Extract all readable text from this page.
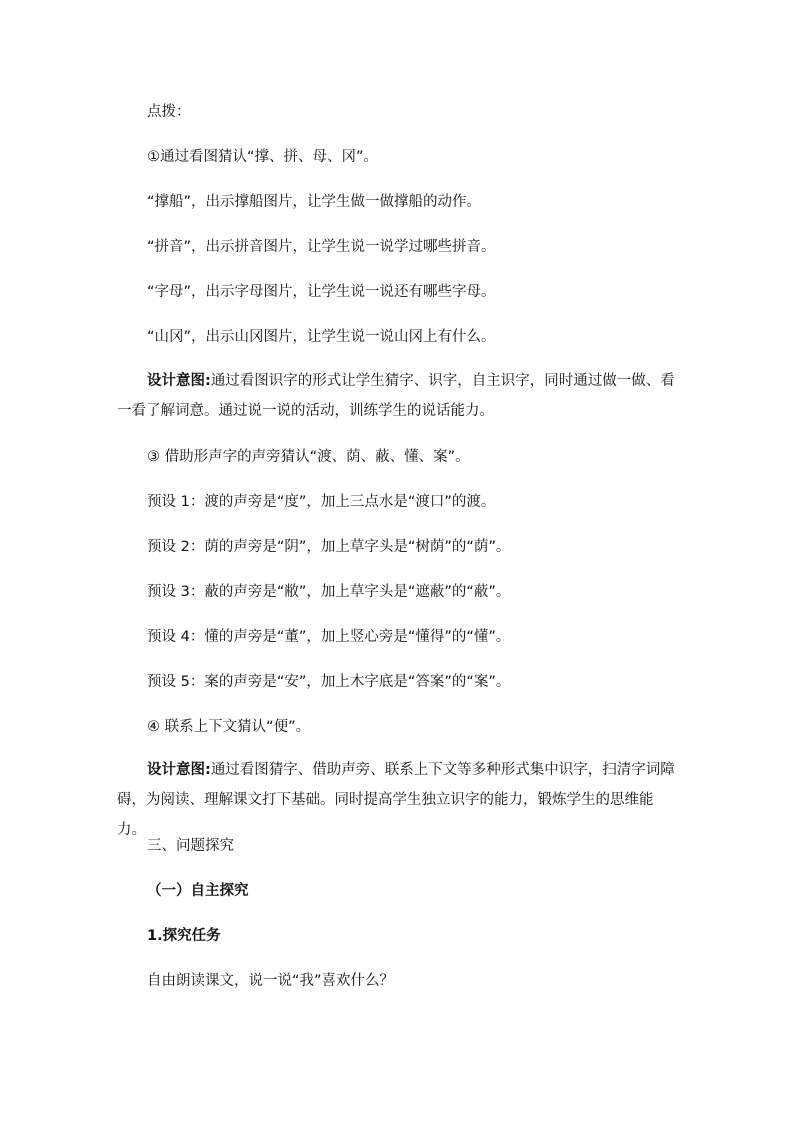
点拨：
①通过看图猜认“撑、拼、母、冈”。
“撑船”，出示撑船图片，让学生做一做撑船的动作。
“拼音”，出示拼音图片，让学生说一说学过哪些拼音。
“字母”，出示字母图片，让学生说一说还有哪些字母。
“山冈”，出示山冈图片，让学生说一说山冈上有什么。
设计意图:通过看图识字的形式让学生猜字、识字，自主识字，同时通过做一做、看一看了解词意。通过说一说的活动，训练学生的说话能力。
③ 借助形声字的声旁猜认“渡、荫、蔽、懂、案”。
预设 1：渡的声旁是“度”，加上三点水是“渡口”的渡。
预设 2：荫的声旁是“阴”，加上草字头是“树荫”的“荫”。
预设 3：蔽的声旁是“敝”，加上草字头是“遮蔽”的“蔽”。
预设 4：懂的声旁是“董”，加上竖心旁是“懂得”的“懂”。
预设 5：案的声旁是“安”，加上木字底是“答案”的“案”。
④ 联系上下文猜认“便”。
设计意图:通过看图猜字、借助声旁、联系上下文等多种形式集中识字，扫清字词障碍，为阅读、理解课文打下基础。同时提高学生独立识字的能力，锻炼学生的思维能力。
三、问题探究
（一）自主探究
1.探究任务
自由朗读课文，说一说“我”喜欢什么？
